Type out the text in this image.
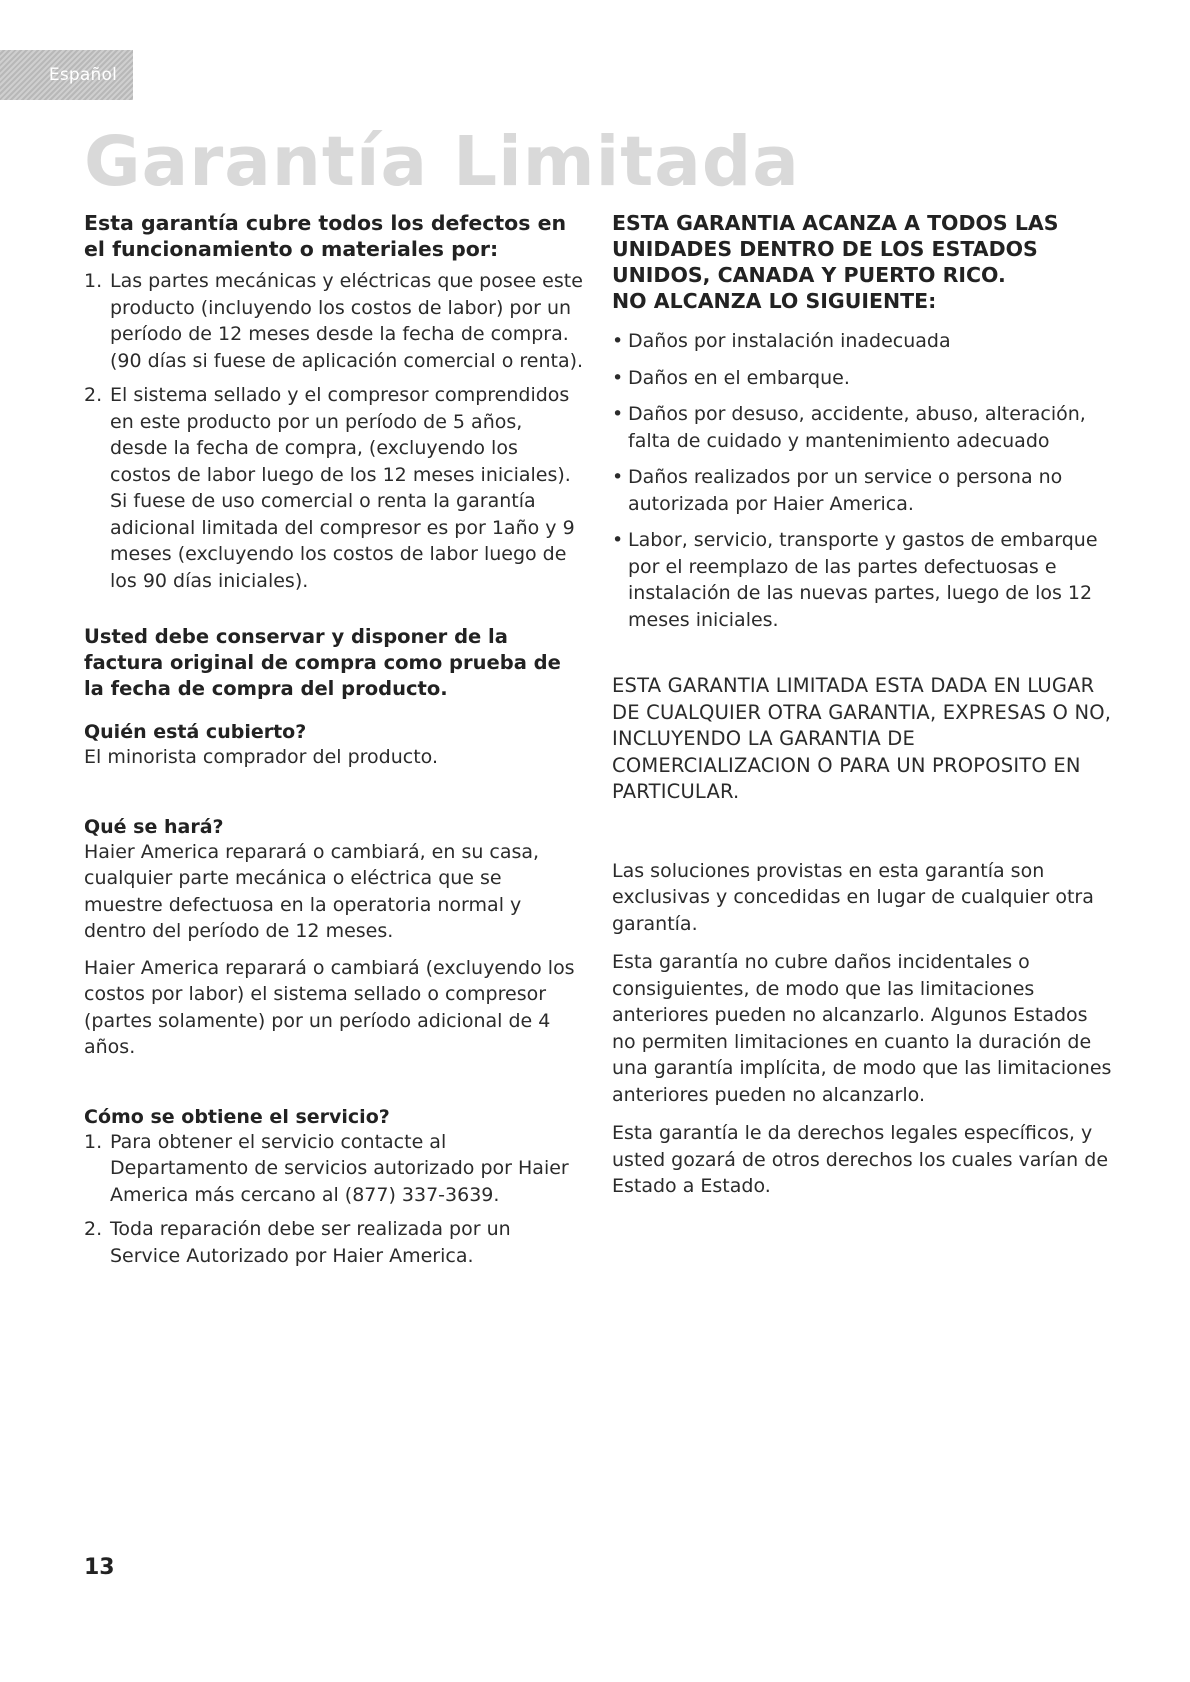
Español
Garantía Limitada

Esta garantía cubre todos los defectos en el funcionamiento o materiales por:

1. Las partes mecánicas y eléctricas que posee este producto (incluyendo los costos de labor) por un período de 12 meses desde la fecha de compra. (90 días si fuese de aplicación comercial o renta).
2. El sistema sellado y el compresor comprendidos en este producto por un período de 5 años, desde la fecha de compra, (excluyendo los costos de labor luego de los 12 meses iniciales). Si fuese de uso comercial o renta la garantía adicional limitada del compresor es por 1año y 9 meses (excluyendo los costos de labor luego de los 90 días iniciales).

Usted debe conservar y disponer de la factura original de compra como prueba de la fecha de compra del producto.

Quién está cubierto?

El minorista comprador del producto.

Qué se hará?

Haier America reparará o cambiará, en su casa, cualquier parte mecánica o eléctrica que se muestre defectuosa en la operatoria normal y dentro del período de 12 meses.

Haier America reparará o cambiará (excluyendo los costos por labor) el sistema sellado o compresor (partes solamente) por un período adicional de 4 años.

Cómo se obtiene el servicio?

1. Para obtener el servicio contacte al Departamento de servicios autorizado por Haier America más cercano al (877) 337-3639.
2. Toda reparación debe ser realizada por un Service Autorizado por Haier America.

ESTA GARANTIA ACANZA A TODOS LAS UNIDADES DENTRO DE LOS ESTADOS UNIDOS, CANADA Y PUERTO RICO.

NO ALCANZA LO SIGUIENTE:

• Daños por instalación inadecuada
• Daños en el embarque.
• Daños por desuso, accidente, abuso, alteración, falta de cuidado y mantenimiento adecuado
• Daños realizados por un service o persona no autorizada por Haier America.
• Labor, servicio, transporte y gastos de embarque por el reemplazo de las partes defectuosas e instalación de las nuevas partes, luego de los 12 meses iniciales.

ESTA GARANTIA LIMITADA ESTA DADA EN LUGAR DE CUALQUIER OTRA GARANTIA, EXPRESAS O NO, INCLUYENDO LA GARANTIA DE COMERCIALIZACION O PARA UN PROPOSITO EN PARTICULAR.

Las soluciones provistas en esta garantía son exclusivas y concedidas en lugar de cualquier otra garantía.

Esta garantía no cubre daños incidentales o consiguientes, de modo que las limitaciones anteriores pueden no alcanzarlo. Algunos Estados no permiten limitaciones en cuanto la duración de una garantía implícita, de modo que las limitaciones anteriores pueden no alcanzarlo.

Esta garantía le da derechos legales específicos, y usted gozará de otros derechos los cuales varían de Estado a Estado.

13
